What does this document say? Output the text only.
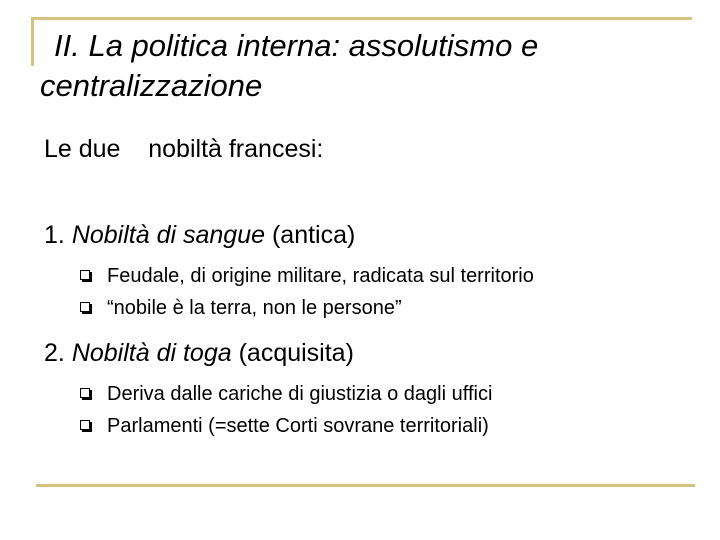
II. La politica interna: assolutismo e
centralizzazione
Le due    nobiltà francesi:
1. Nobiltà di sangue (antica)
Feudale, di origine militare, radicata sul territorio
“nobile è la terra, non le persone”
2. Nobiltà di toga (acquisita)
Deriva dalle cariche di giustizia o dagli uffici
Parlamenti (=sette Corti sovrane territoriali)
